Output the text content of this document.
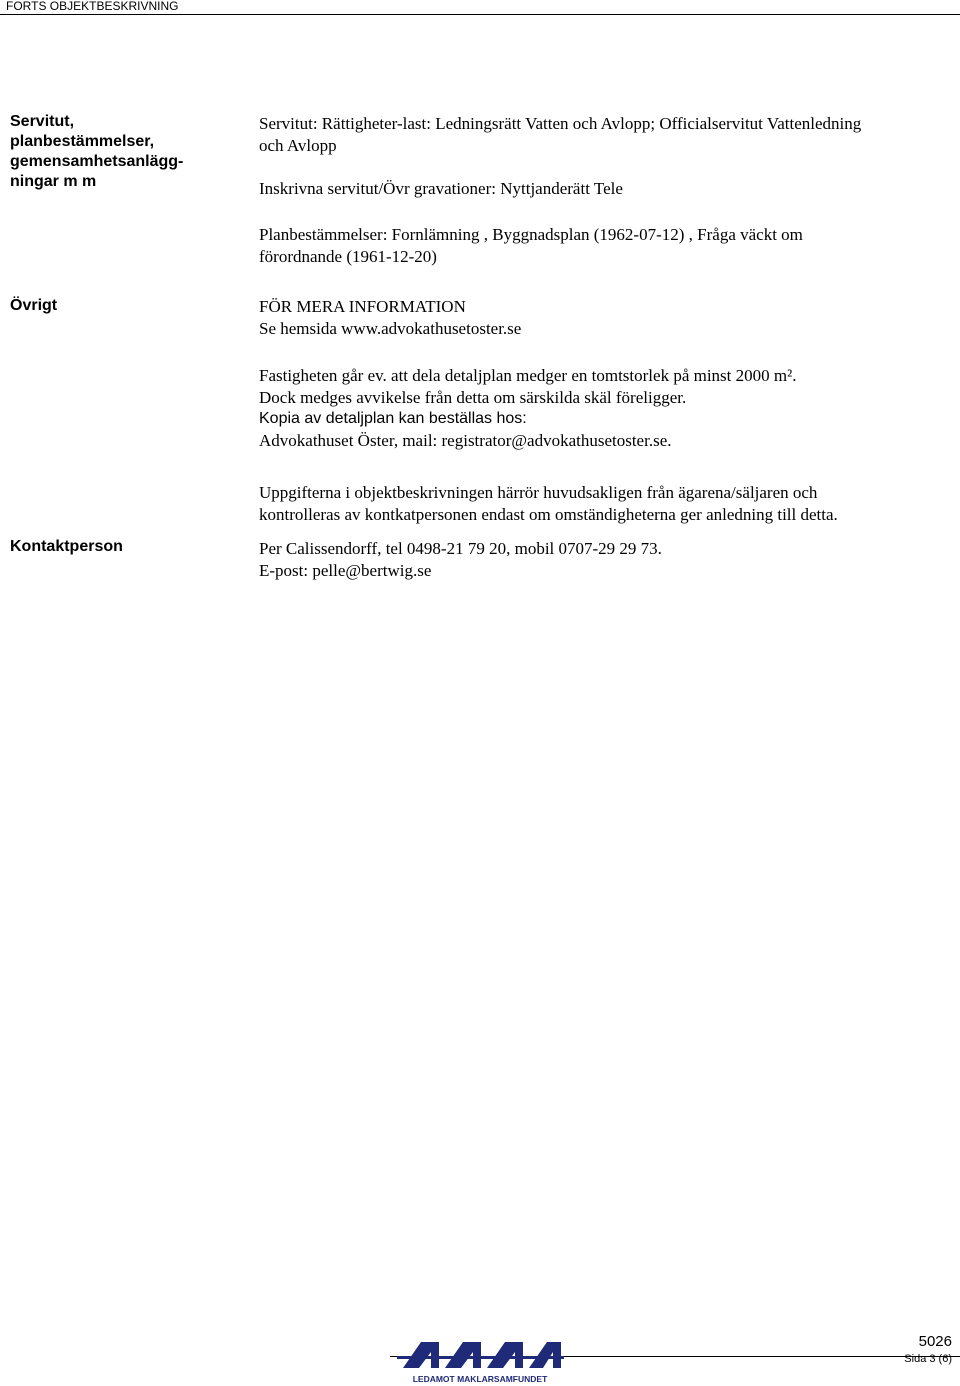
FORTS OBJEKTBESKRIVNING
Servitut,
planbestämmelser,
gemensamhetsanlägg-
ningar m m
Servitut: Rättigheter-last: Ledningsrätt Vatten och Avlopp; Officialservitut Vattenledning
och Avlopp
Inskrivna servitut/Övr gravationer: Nyttjanderätt Tele
Planbestämmelser: Fornlämning , Byggnadsplan (1962-07-12) , Fråga väckt om
förordnande (1961-12-20)
Övrigt	FÖR MERA INFORMATION
Se hemsida www.advokathusetoster.se
Fastigheten går ev. att dela detaljplan medger en tomtstorlek på minst 2000 m².
Dock medges avvikelse från detta om särskilda skäl föreligger.
Kopia av detaljplan kan beställas hos:
Advokathuset Öster, mail: registrator@advokathusetoster.se.
Uppgifterna i objektbeskrivningen härrör huvudsakligen från ägarena/säljaren och
kontrolleras av kontkatpersonen endast om omständigheterna ger anledning till detta.
Kontaktperson	Per Calissendorff, tel 0498-21 79 20, mobil 0707-29 29 73.
E-post: pelle@bertwig.se
LEDAMOT MAKLARSAMFUNDET
5026
Sida 3 (6)
